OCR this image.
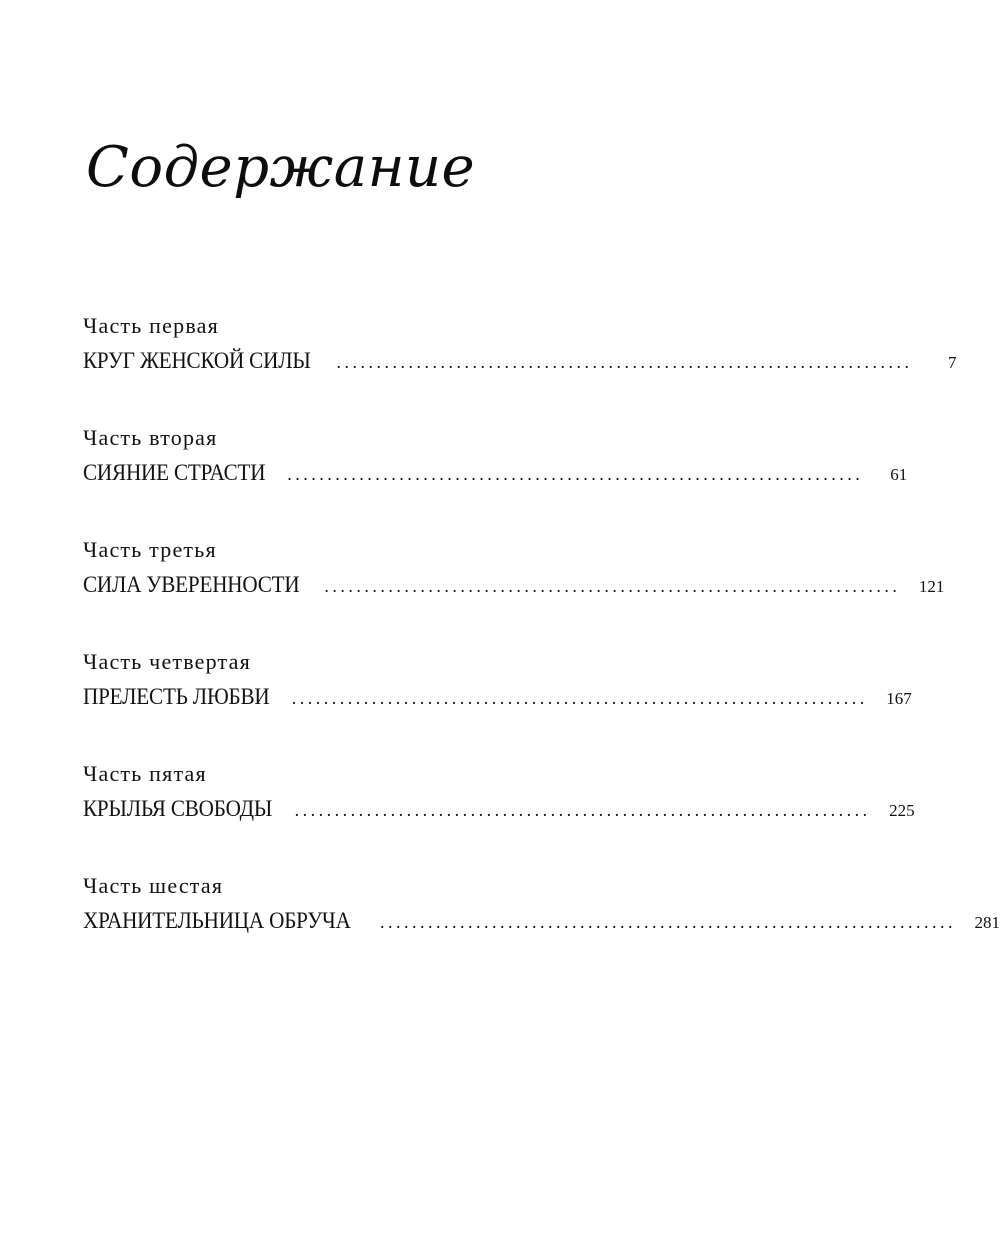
Содержание
Часть первая
КРУГ ЖЕНСКОЙ СИЛЫ	........................................................................	7
Часть вторая
СИЯНИЕ СТРАСТИ	........................................................................	61
Часть третья
СИЛА УВЕРЕННОСТИ	........................................................................ 121
Часть четвертая
ПРЕЛЕСТЬ ЛЮБВИ	........................................................................ 167
Часть пятая
КРЫЛЬЯ СВОБОДЫ	........................................................................ 225
Часть шестая
ХРАНИТЕЛЬНИЦА ОБРУЧА	........................................................................ 281
